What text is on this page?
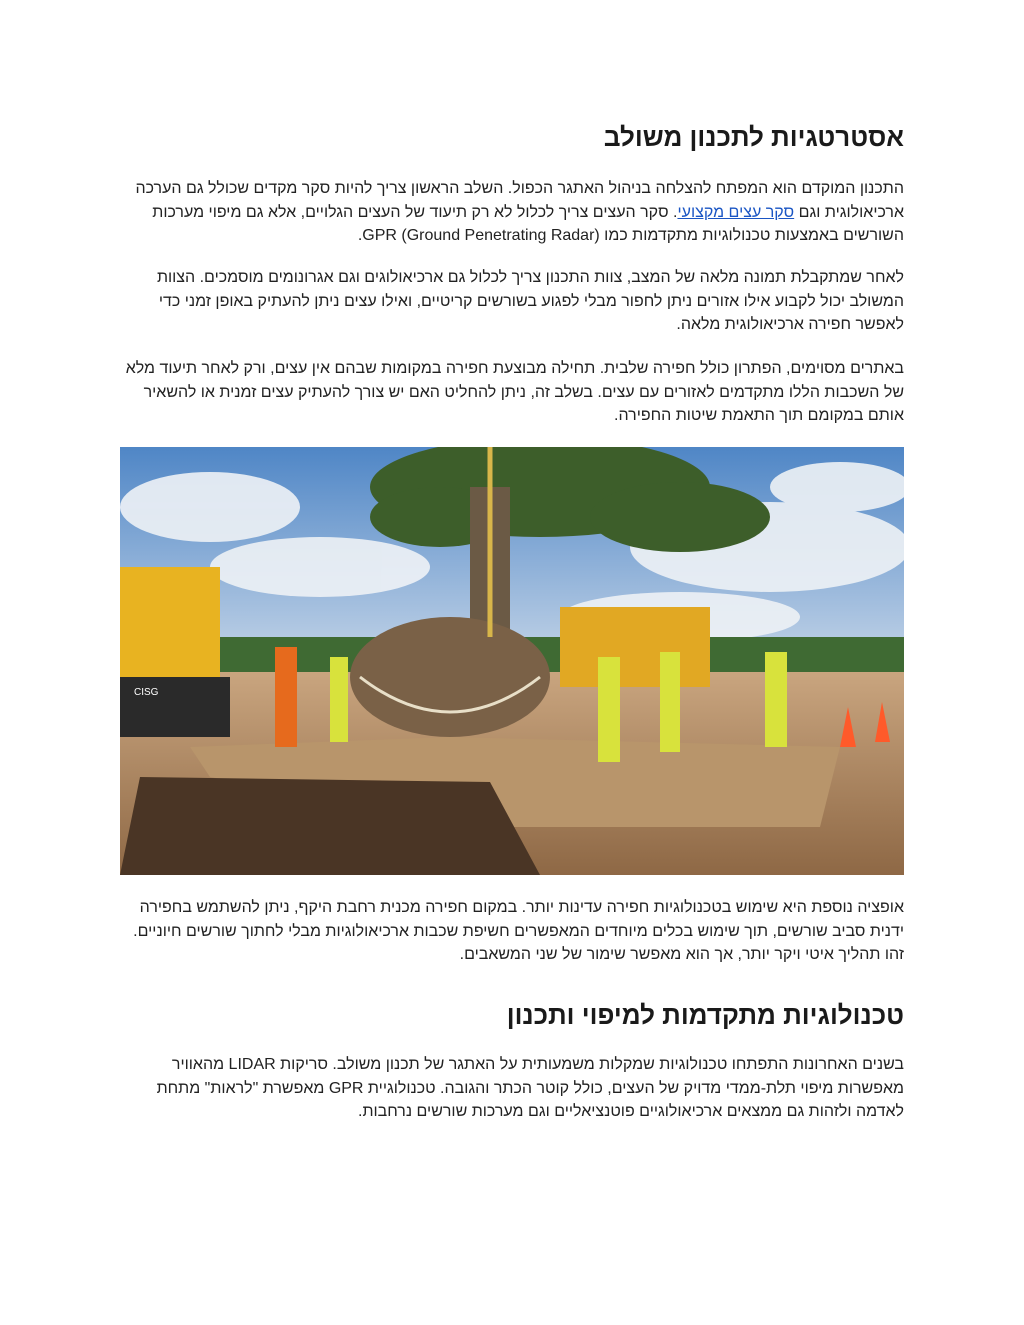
אסטרטגיות לתכנון משולב

התכנון המוקדם הוא המפתח להצלחה בניהול האתגר הכפול. השלב הראשון צריך להיות סקר מקדים שכולל גם הערכה ארכיאולוגית וגם סקר עצים מקצועי. סקר העצים צריך לכלול לא רק תיעוד של העצים הגלויים, אלא גם מיפוי מערכות השורשים באמצעות טכנולוגיות מתקדמות כמו GPR (Ground Penetrating Radar).

לאחר שמתקבלת תמונה מלאה של המצב, צוות התכנון צריך לכלול גם ארכיאולוגים וגם אגרונומים מוסמכים. הצוות המשולב יכול לקבוע אילו אזורים ניתן לחפור מבלי לפגוע בשורשים קריטיים, ואילו עצים ניתן להעתיק באופן זמני כדי לאפשר חפירה ארכיאולוגית מלאה.

באתרים מסוימים, הפתרון כולל חפירה שלבית. תחילה מבוצעת חפירה במקומות שבהם אין עצים, ורק לאחר תיעוד מלא של השכבות הללו מתקדמים לאזורים עם עצים. בשלב זה, ניתן להחליט האם יש צורך להעתיק עצים זמנית או להשאיר אותם במקומם תוך התאמת שיטות החפירה.

אופציה נוספת היא שימוש בטכנולוגיות חפירה עדינות יותר. במקום חפירה מכנית רחבת היקף, ניתן להשתמש בחפירה ידנית סביב שורשים, תוך שימוש בכלים מיוחדים המאפשרים חשיפת שכבות ארכיאולוגיות מבלי לחתוך שורשים חיוניים. זהו תהליך איטי ויקר יותר, אך הוא מאפשר שימור של שני המשאבים.

טכנולוגיות מתקדמות למיפוי ותכנון

בשנים האחרונות התפתחו טכנולוגיות שמקלות משמעותית על האתגר של תכנון משולב. סריקות LIDAR מהאוויר מאפשרות מיפוי תלת-ממדי מדויק של העצים, כולל קוטר הכתר והגובה. טכנולוגיית GPR מאפשרת "לראות" מתחת לאדמה ולזהות גם ממצאים ארכיאולוגיים פוטנציאליים וגם מערכות שורשים נרחבות.

CISG
